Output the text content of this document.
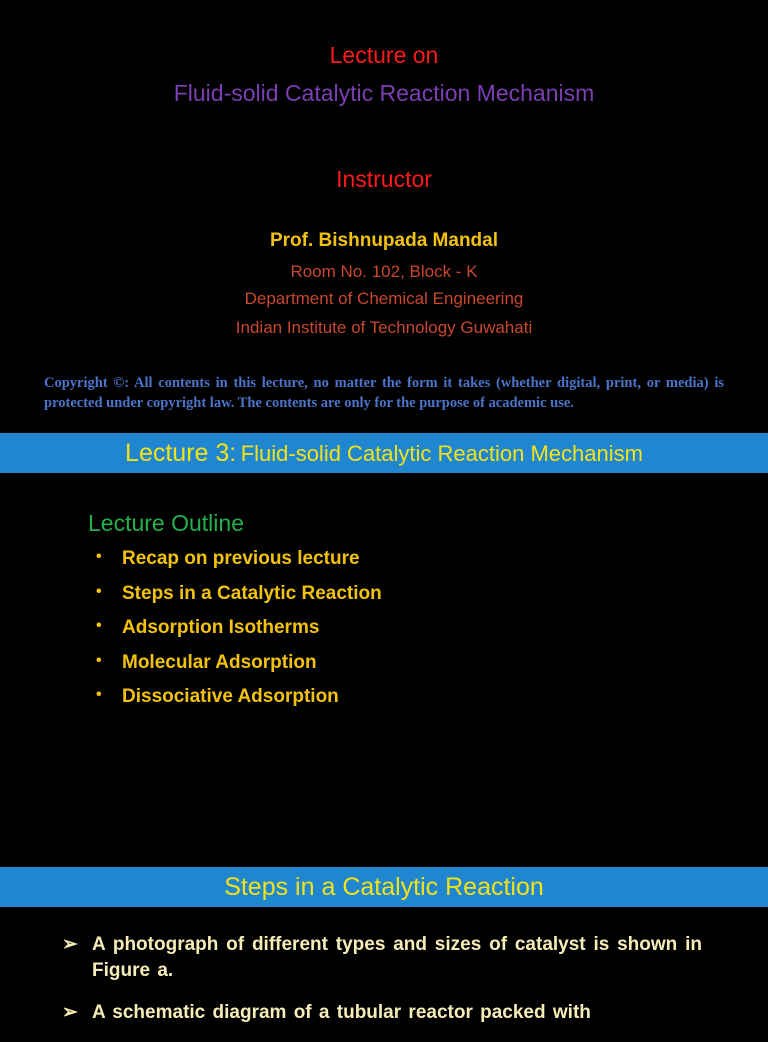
Lecture on
Fluid-solid Catalytic Reaction Mechanism
Instructor
Prof. Bishnupada Mandal
Room No. 102, Block - K
Department of Chemical Engineering
Indian Institute of Technology Guwahati
Copyright ©: All contents in this lecture, no matter the form it takes (whether digital, print, or media) is protected under copyright law. The contents are only for the purpose of academic use.
Lecture 3: Fluid-solid Catalytic Reaction Mechanism
Lecture Outline
• Recap on previous lecture
• Steps in a Catalytic Reaction
• Adsorption Isotherms
• Molecular Adsorption
• Dissociative Adsorption
Steps in a Catalytic Reaction
➢ A photograph of different types and sizes of catalyst is shown in Figure a.
➢ A schematic diagram of a tubular reactor packed with
